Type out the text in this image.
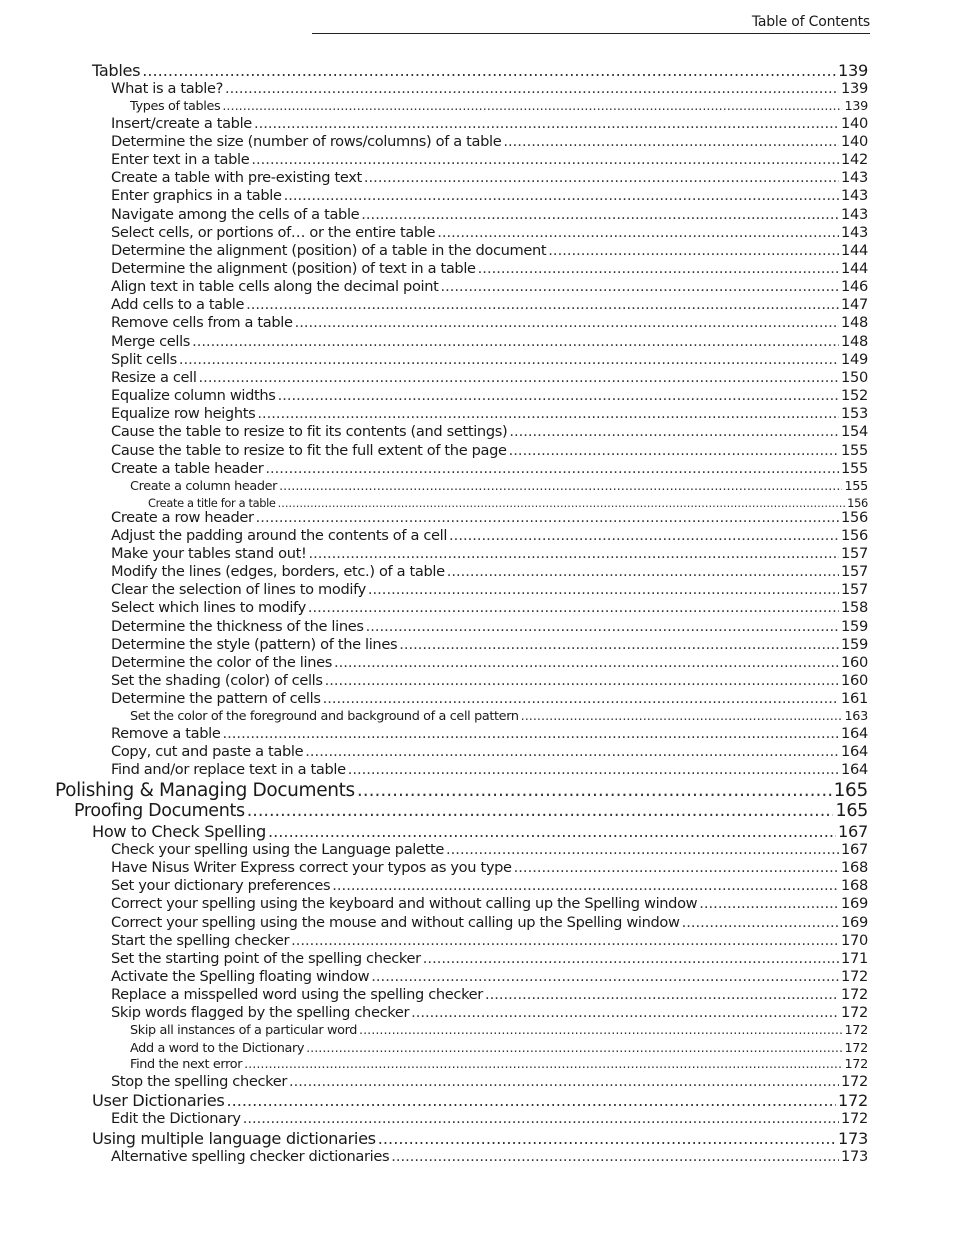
Table of Contents
Tables .....	139
What is a table? .....	139
Types of tables .....	139
Insert/create a table .....	140
Determine the size (number of rows/columns) of a table .....	140
Enter text in a table .....	142
Create a table with pre-existing text .....	143
Enter graphics in a table .....	143
Navigate among the cells of a table .....	143
Select cells, or portions of… or the entire table .....	143
Determine the alignment (position) of a table in the document .....	144
Determine the alignment (position) of text in a table .....	144
Align text in table cells along the decimal point .....	146
Add cells to a table .....	147
Remove cells from a table .....	148
Merge cells .....	148
Split cells .....	149
Resize a cell .....	150
Equalize column widths .....	152
Equalize row heights .....	153
Cause the table to resize to fit its contents (and settings) .....	154
Cause the table to resize to fit the full extent of the page .....	155
Create a table header .....	155
Create a column header .....	155
Create a title for a table .....	156
Create a row header .....	156
Adjust the padding around the contents of a cell .....	156
Make your tables stand out! .....	157
Modify the lines (edges, borders, etc.) of a table .....	157
Clear the selection of lines to modify .....	157
Select which lines to modify .....	158
Determine the thickness of the lines .....	159
Determine the style (pattern) of the lines .....	159
Determine the color of the lines .....	160
Set the shading (color) of cells .....	160
Determine the pattern of cells .....	161
Set the color of the foreground and background of a cell pattern .....	163
Remove a table .....	164
Copy, cut and paste a table .....	164
Find and/or replace text in a table .....	164
Polishing & Managing Documents .....	165
Proofing Documents .....	165
How to Check Spelling .....	167
Check your spelling using the Language palette .....	167
Have Nisus Writer Express correct your typos as you type .....	168
Set your dictionary preferences .....	168
Correct your spelling using the keyboard and without calling up the Spelling window .....	169
Correct your spelling using the mouse and without calling up the Spelling window .....	169
Start the spelling checker .....	170
Set the starting point of the spelling checker .....	171
Activate the Spelling floating window .....	172
Replace a misspelled word using the spelling checker .....	172
Skip words flagged by the spelling checker .....	172
Skip all instances of a particular word .....	172
Add a word to the Dictionary .....	172
Find the next error .....	172
Stop the spelling checker .....	172
User Dictionaries .....	172
Edit the Dictionary .....	172
Using multiple language dictionaries .....	173
Alternative spelling checker dictionaries .....	173
